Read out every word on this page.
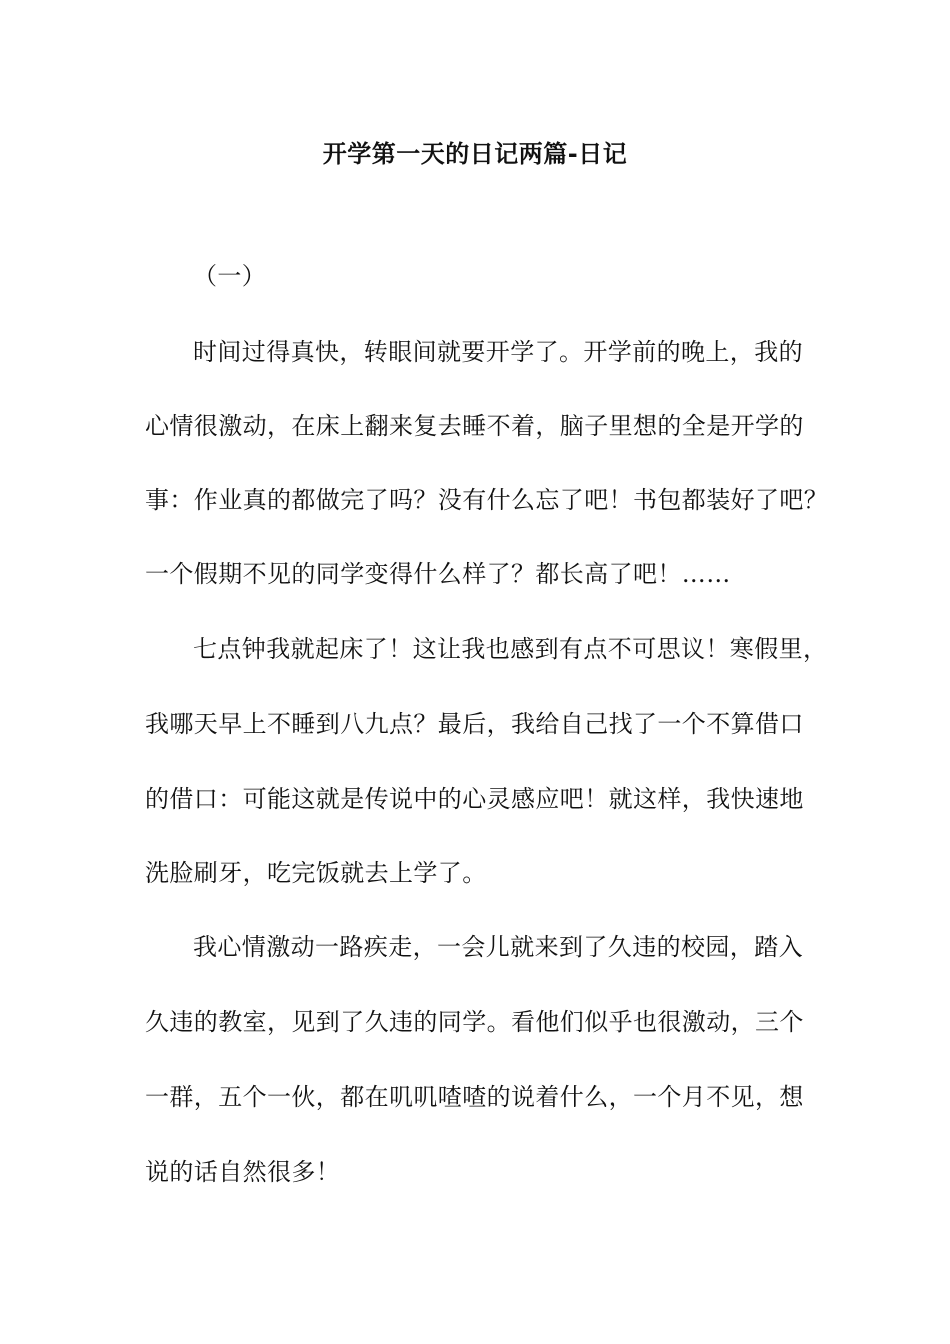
开学第一天的日记两篇-日记
（一）
时间过得真快，转眼间就要开学了。开学前的晚上，我的
心情很激动，在床上翻来复去睡不着，脑子里想的全是开学的
事：作业真的都做完了吗？没有什么忘了吧！书包都装好了吧？
一个假期不见的同学变得什么样了？都长高了吧！……
七点钟我就起床了！这让我也感到有点不可思议！寒假里，
我哪天早上不睡到八九点？最后，我给自己找了一个不算借口
的借口：可能这就是传说中的心灵感应吧！就这样，我快速地
洗脸刷牙，吃完饭就去上学了。
我心情激动一路疾走，一会儿就来到了久违的校园，踏入
久违的教室，见到了久违的同学。看他们似乎也很激动，三个
一群，五个一伙，都在叽叽喳喳的说着什么，一个月不见，想
说的话自然很多！
